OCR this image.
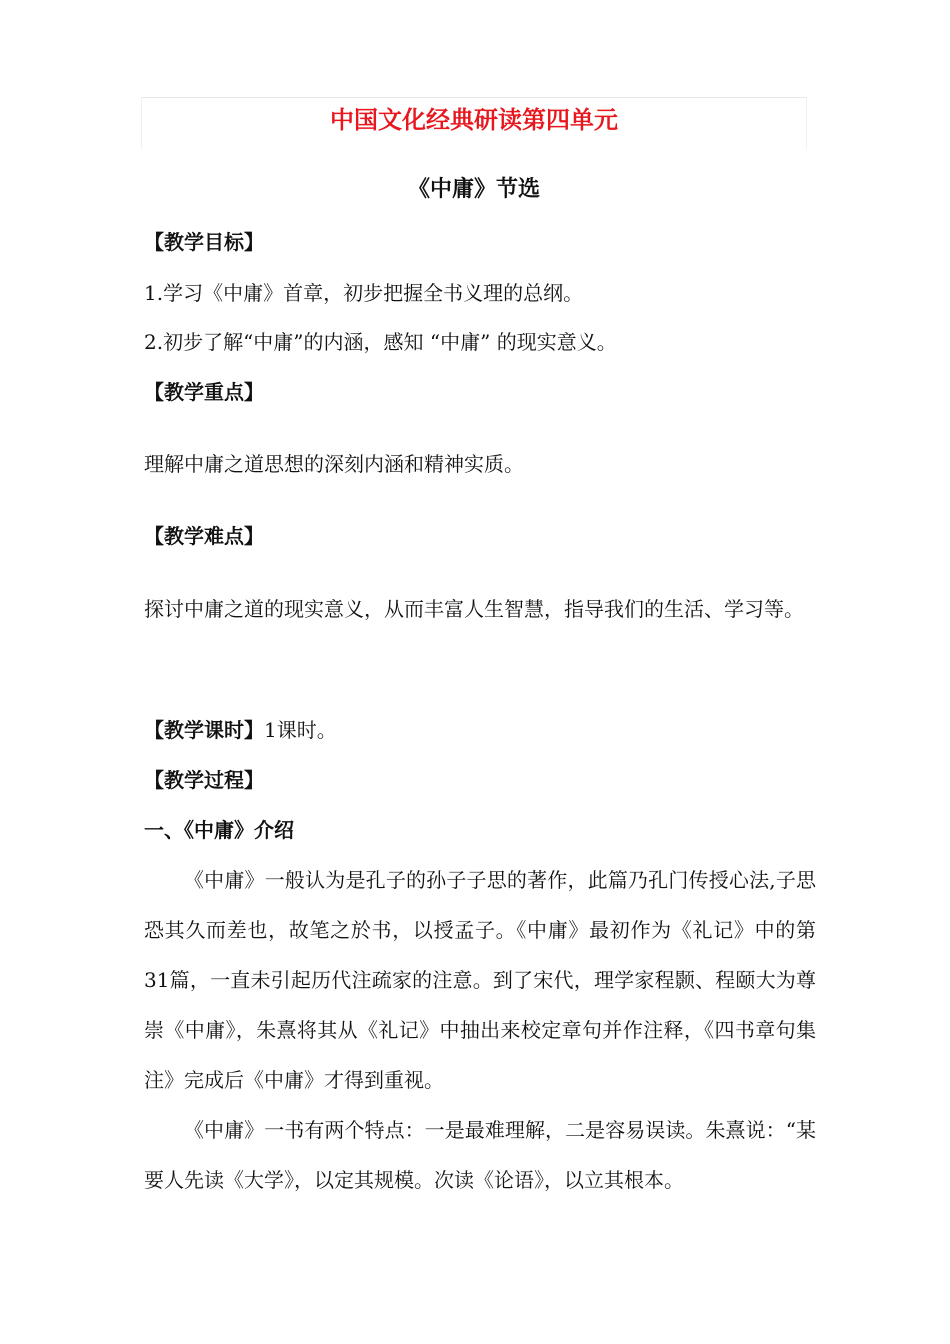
中国文化经典研读第四单元
《中庸》节选
【教学目标】
1.学习《中庸》首章，初步把握全书义理的总纲。
2.初步了解“中庸”的内涵，感知 “中庸” 的现实意义。
【教学重点】
理解中庸之道思想的深刻内涵和精神实质。
【教学难点】
探讨中庸之道的现实意义，从而丰富人生智慧，指导我们的生活、学习等。
【教学课时】1课时。
【教学过程】
一、《中庸》介绍
《中庸》一般认为是孔子的孙子子思的著作，此篇乃孔门传授心法,子思恐其久而差也，故笔之於书，以授孟子。《中庸》最初作为《礼记》中的第31篇，一直未引起历代注疏家的注意。到了宋代，理学家程颢、程颐大为尊崇《中庸》，朱熹将其从《礼记》中抽出来校定章句并作注释，《四书章句集注》完成后《中庸》才得到重视。
《中庸》一书有两个特点：一是最难理解，二是容易误读。朱熹说：“某要人先读《大学》，以定其规模。次读《论语》，以立其根本。
